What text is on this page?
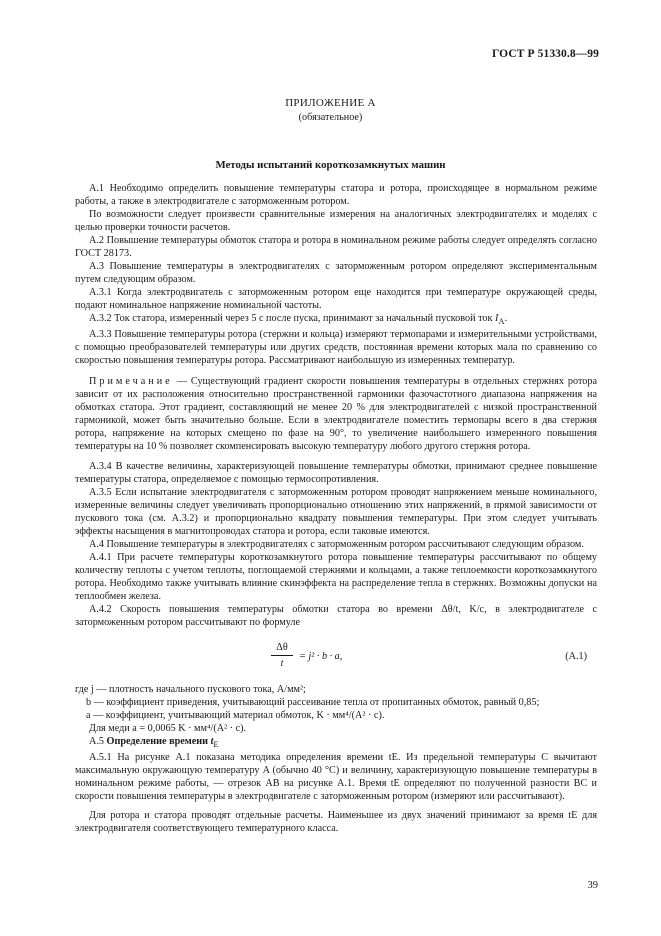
ГОСТ Р 51330.8—99
ПРИЛОЖЕНИЕ А
(обязательное)
Методы испытаний короткозамкнутых машин

А.1 Необходимо определить повышение температуры статора и ротора, происходящее в нормальном режиме работы, а также в электродвигателе с заторможенным ротором.

По возможности следует произвести сравнительные измерения на аналогичных электродвигателях и моделях с целью проверки точности расчетов.

А.2 Повышение температуры обмоток статора и ротора в номинальном режиме работы следует определять согласно ГОСТ 28173.

А.3 Повышение температуры в электродвигателях с заторможенным ротором определяют экспериментальным путем следующим образом.

А.3.1 Когда электродвигатель с заторможенным ротором еще находится при температуре окружающей среды, подают номинальное напряжение номинальной частоты.

А.3.2 Ток статора, измеренный через 5 с после пуска, принимают за начальный пусковой ток $I_А$.

А.3.3 Повышение температуры ротора (стержни и кольца) измеряют термопарами и измерительными устройствами, с помощью преобразователей температуры или других средств, постоянная времени которых мала по сравнению со скоростью повышения температуры ротора. Рассматривают наибольшую из измеренных температур.

Примечание — Существующий градиент скорости повышения температуры в отдельных стержнях ротора зависит от их расположения относительно пространственной гармоники фазочастотного диапазона напряжения на обмотках статора. Этот градиент, составляющий не менее 20 % для электродвигателей с низкой пространственной гармоникой, может быть значительно больше. Если в электродвигателе поместить термопары всего в два стержня ротора, напряжение на которых смещено по фазе на 90°, то увеличение наибольшего измеренного повышения температуры на 10 % позволяет скомпенсировать высокую температуру любого другого стержня ротора.

А.3.4 В качестве величины, характеризующей повышение температуры обмотки, принимают среднее повышение температуры статора, определяемое с помощью термосопротивления.

А.3.5 Если испытание электродвигателя с заторможенным ротором проводят напряжением меньше номинального, измеренные величины следует увеличивать пропорционально отношению этих напряжений, в прямой зависимости от пускового тока (см. А.3.2) и пропорционально квадрату повышения температуры. При этом следует учитывать эффекты насыщения в магнитопроводах статора и ротора, если таковые имеются.

А.4 Повышение температуры в электродвигателях с заторможенным ротором рассчитывают следующим образом.

А.4.1 При расчете температуры короткозамкнутого ротора повышение температуры рассчитывают по общему количеству теплоты с учетом теплоты, поглощаемой стержнями и кольцами, а также теплоемкости короткозамкнутого ротора. Необходимо также учитывать влияние скинэффекта на распределение тепла в стержнях. Возможны допуски на теплообмен железа.

А.4.2 Скорость повышения температуры обмотки статора во времени Δθ/t, K/c, в электродвигателе с заторможенным ротором рассчитывают по формуле

$\frac{\Delta\theta}{t} = j^2 \cdot b \cdot a$,	(А.1)

где j — плотность начального пускового тока, А/мм²;

b — коэффициент приведения, учитывающий рассеивание тепла от пропитанных обмоток, равный 0,85;

a — коэффициент, учитывающий материал обмоток, K · мм⁴/(A² · c).

Для меди a = 0,0065 K · мм⁴/(A² · c).

А.5 Определение времени $t_E$

А.5.1 На рисунке А.1 показана методика определения времени tE. Из предельной температуры C вычитают максимальную окружающую температуру A (обычно 40 °С) и величину, характеризующую повышение температуры в номинальном режиме работы, — отрезок AB на рисунке А.1. Время tE определяют по полученной разности BC и скорости повышения температуры в электродвигателе с заторможенным ротором (измеряют или рассчитывают).

Для ротора и статора проводят отдельные расчеты. Наименьшее из двух значений принимают за время tE для электродвигателя соответствующего температурного класса.

39
